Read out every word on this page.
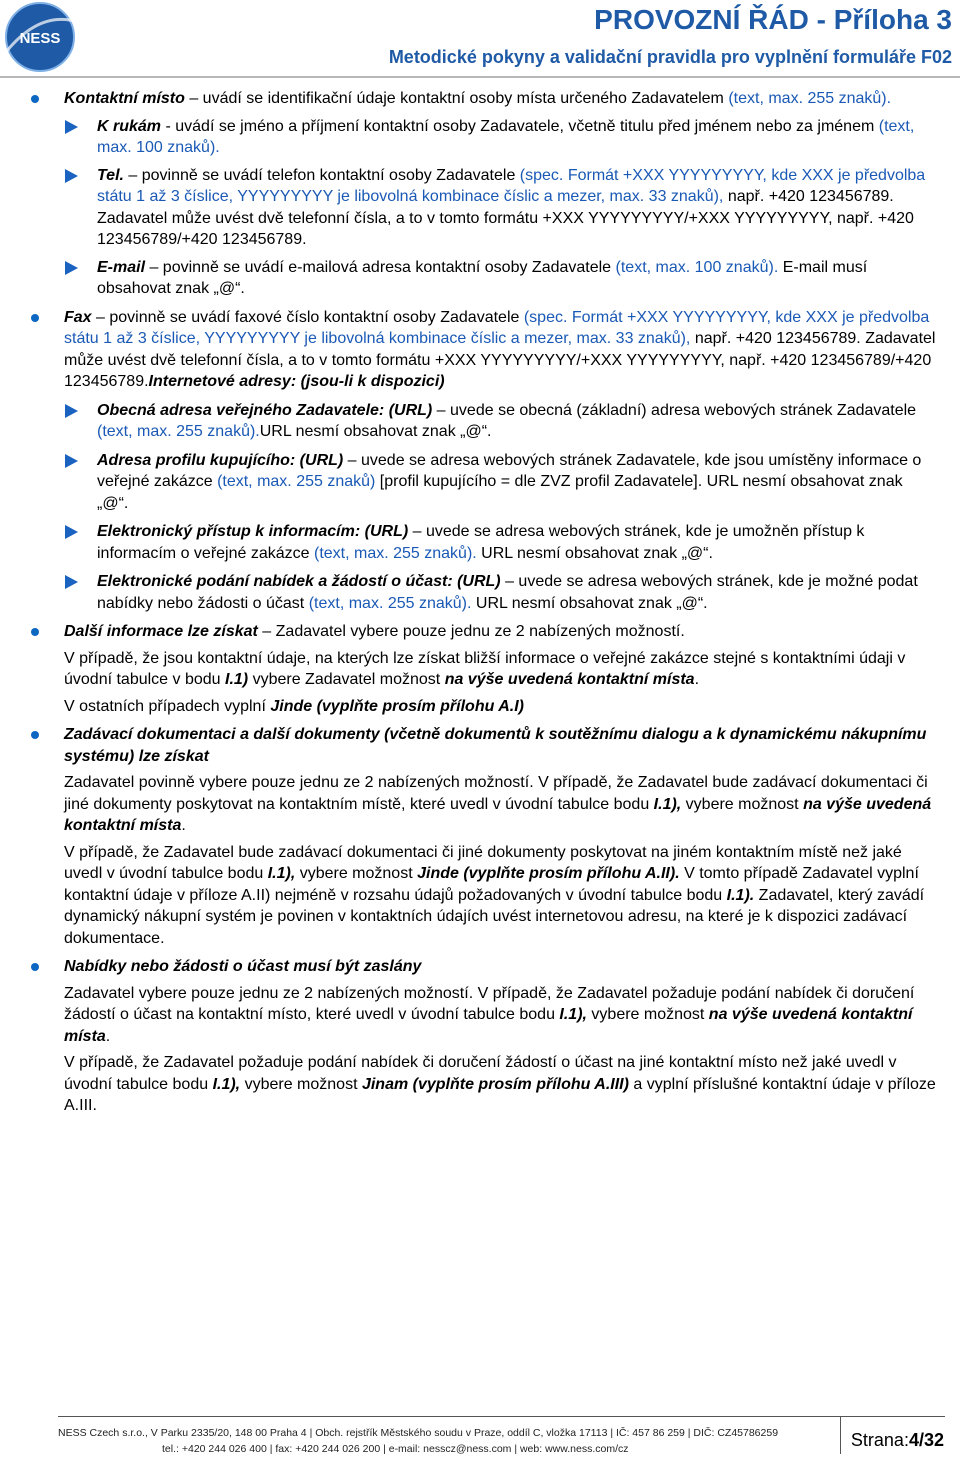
NESS
PROVOZNÍ ŘÁD - Příloha 3
Metodické pokyny a validační pravidla pro vyplnění formuláře F02
Kontaktní místo – uvádí se identifikační údaje kontaktní osoby místa určeného Zadavatelem (text, max. 255 znaků).
K rukám - uvádí se jméno a příjmení kontaktní osoby Zadavatele, včetně titulu před jménem nebo za jménem (text, max. 100 znaků).
Tel. – povinně se uvádí telefon kontaktní osoby Zadavatele (spec. Formát +XXX YYYYYYYYY, kde XXX je předvolba státu 1 až 3 číslice, YYYYYYYYY je libovolná kombinace číslic a mezer, max. 33 znaků), např. +420 123456789. Zadavatel může uvést dvě telefonní čísla, a to v tomto formátu +XXX YYYYYYYYY/+XXX YYYYYYYYY, např. +420 123456789/+420 123456789.
E-mail – povinně se uvádí e-mailová adresa kontaktní osoby Zadavatele (text, max. 100 znaků). E-mail musí obsahovat znak „@“.
Fax – povinně se uvádí faxové číslo kontaktní osoby Zadavatele (spec. Formát +XXX YYYYYYYYY, kde XXX je předvolba státu 1 až 3 číslice, YYYYYYYYY je libovolná kombinace číslic a mezer, max. 33 znaků), např. +420 123456789. Zadavatel může uvést dvě telefonní čísla, a to v tomto formátu +XXX YYYYYYYYY/+XXX YYYYYYYYY, např. +420 123456789/+420 123456789.Internetové adresy: (jsou-li k dispozici)
Obecná adresa veřejného Zadavatele: (URL) – uvede se obecná (základní) adresa webových stránek Zadavatele (text, max. 255 znaků).URL nesmí obsahovat znak „@“.
Adresa profilu kupujícího: (URL) – uvede se adresa webových stránek Zadavatele, kde jsou umístěny informace o veřejné zakázce (text, max. 255 znaků) [profil kupujícího = dle ZVZ profil Zadavatele]. URL nesmí obsahovat znak „@“.
Elektronický přístup k informacím: (URL) – uvede se adresa webových stránek, kde je umožněn přístup k informacím o veřejné zakázce (text, max. 255 znaků). URL nesmí obsahovat znak „@“.
Elektronické podání nabídek a žádostí o účast: (URL) – uvede se adresa webových stránek, kde je možné podat nabídky nebo žádosti o účast (text, max. 255 znaků). URL nesmí obsahovat znak „@“.
Další informace lze získat – Zadavatel vybere pouze jednu ze 2 nabízených možností.
V případě, že jsou kontaktní údaje, na kterých lze získat bližší informace o veřejné zakázce stejné s kontaktními údaji v úvodní tabulce v bodu I.1) vybere Zadavatel možnost na výše uvedená kontaktní místa.
V ostatních případech vyplní Jinde (vyplňte prosím přílohu A.I)
Zadávací dokumentaci a další dokumenty (včetně dokumentů k soutěžnímu dialogu a k dynamickému nákupnímu systému) lze získat
Zadavatel povinně vybere pouze jednu ze 2 nabízených možností. V případě, že Zadavatel bude zadávací dokumentaci či jiné dokumenty poskytovat na kontaktním místě, které uvedl v úvodní tabulce bodu I.1), vybere možnost na výše uvedená kontaktní místa.
V případě, že Zadavatel bude zadávací dokumentaci či jiné dokumenty poskytovat na jiném kontaktním místě než jaké uvedl v úvodní tabulce bodu I.1), vybere možnost Jinde (vyplňte prosím přílohu A.II). V tomto případě Zadavatel vyplní kontaktní údaje v příloze A.II) nejméně v rozsahu údajů požadovaných v úvodní tabulce bodu I.1). Zadavatel, který zavádí dynamický nákupní systém je povinen v kontaktních údajích uvést internetovou adresu, na které je k dispozici zadávací dokumentace.
Nabídky nebo žádosti o účast musí být zaslány
Zadavatel vybere pouze jednu ze 2 nabízených možností. V případě, že Zadavatel požaduje podání nabídek či doručení žádostí o účast na kontaktní místo, které uvedl v úvodní tabulce bodu I.1), vybere možnost na výše uvedená kontaktní místa.
V případě, že Zadavatel požaduje podání nabídek či doručení žádostí o účast na jiné kontaktní místo než jaké uvedl v úvodní tabulce bodu I.1), vybere možnost Jinam (vyplňte prosím přílohu A.III) a vyplní příslušné kontaktní údaje v příloze A.III.
NESS Czech s.r.o., V Parku 2335/20, 148 00 Praha 4 | Obch. rejstřík Městského soudu v Praze, oddíl C, vložka 17113 | IČ: 457 86 259 | DIČ: CZ45786259
tel.: +420 244 026 400 | fax: +420 244 026 200 | e-mail: nesscz@ness.com | web: www.ness.com/cz	Strana:4/32
